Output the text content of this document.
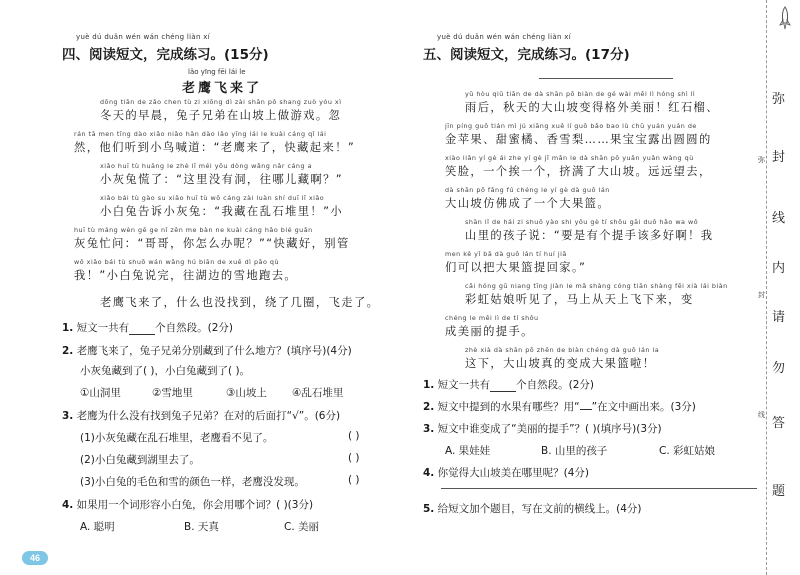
yuè dú duǎn wén wán chéng liàn xí
四、阅读短文，完成练习。(15分)
lǎo yīng fēi lái le
老鹰飞来了
dōng tiān de zǎo chen tù zi xiōng dì zài shān pō shang zuò yóu xì
冬天的早晨，兔子兄弟在山坡上做游戏。忽
rán tā men tīng dào xiǎo niǎo hǎn dào lǎo yīng lái le kuài cáng qǐ lái
然，他们听到小鸟喊道：“老鹰来了，快藏起来！”
xiǎo huī tù huāng le zhè lǐ méi yǒu dòng wǎng nǎr cáng a
小灰兔慌了：“这里没有洞，往哪儿藏啊？”
xiǎo bái tù gào su xiǎo huī tù wǒ cáng zài luàn shí duī lǐ xiǎo
小白兔告诉小灰兔：“我藏在乱石堆里！”小
huī tù máng wèn gē ge nǐ zěn me bàn ne kuài cáng hǎo bié guǎn
灰兔忙问：“哥哥，你怎么办呢？”“快藏好，别管
wǒ xiǎo bái tù shuō wán wǎng hú biān de xuě dì pǎo qù
我！”小白兔说完，往湖边的雪地跑去。
老鹰飞来了，什么也没找到，绕了几圈，飞走了。
1. 短文一共有 个自然段。(2分)
2. 老鹰飞来了，兔子兄弟分别藏到了什么地方？(填序号)(4分)
小灰兔藏到了( )，小白兔藏到了( )。
①山洞里	②雪地里	③山坡上 ④乱石堆里
3. 老鹰为什么没有找到兔子兄弟？在对的后面打“√”。(6分)
(1)小灰兔藏在乱石堆里，老鹰看不见了。	( )
(2)小白兔藏到湖里去了。	( )
(3)小白兔的毛色和雪的颜色一样，老鹰没发现。	( )
4. 如果用一个词形容小白兔，你会用哪个词？( )(3分)
A. 聪明	B. 天真	C. 美丽
yuè dú duǎn wén wán chéng liàn xí
五、阅读短文，完成练习。(17分)
yǔ hòu qiū tiān de dà shān pō biàn de gé wài měi lì hóng shì lì
雨后，秋天的大山坡变得格外美丽！红石榴、
jīn píng guǒ tián mì jú xiāng xuě lí guǒ bǎo bao lù chū yuán yuán de
金苹果、甜蜜橘、香雪梨……果宝宝露出圆圆的
xiào liǎn yí gè ái zhe yí gè jǐ mǎn le dà shān pō yuǎn yuǎn wàng qù
笑脸，一个挨一个，挤满了大山坡。远远望去，
dà shān pō fǎng fú chéng le yí gè dà guǒ lán
大山坡仿佛成了一个大果篮。
shān lǐ de hái zi shuō yào shi yǒu gè tí shǒu gāi duō hǎo wa wǒ
山里的孩子说：“要是有个提手该多好啊！我
men kě yǐ bǎ dà guǒ lán tí huí jiā
们可以把大果篮提回家。”
cǎi hóng gū niang tīng jiàn le mǎ shàng cóng tiān shàng fēi xià lái biàn
彩虹姑娘听见了，马上从天上飞下来，变
chéng le měi lì de tí shǒu
成美丽的提手。
zhè xià dà shān pō zhēn de biàn chéng dà guǒ lán la
这下，大山坡真的变成大果篮啦！
1. 短文一共有 个自然段。(2分)
2. 短文中提到的水果有哪些？用“ ”在文中画出来。(3分)
3. 短文中谁变成了“美丽的提手”？( )(填序号)(3分)
A. 果娃娃	B. 山里的孩子	C. 彩虹姑娘
4. 你觉得大山坡美在哪里呢？(4分)
5. 给短文加个题目，写在文前的横线上。(4分)
弥
封
线
内
请
勿
答
题
弥
封
线
46
